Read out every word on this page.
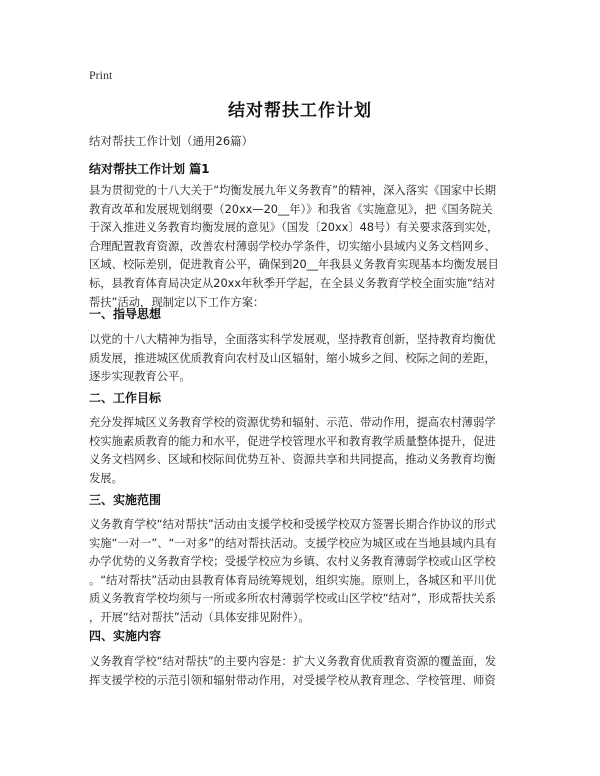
Print
结对帮扶工作计划
结对帮扶工作计划（通用26篇）
结对帮扶工作计划 篇1
县为贯彻党的十八大关于“均衡发展九年义务教育”的精神，深入落实《国家中长期
教育改革和发展规划纲要（20xx—20__年）》和我省《实施意见》，把《国务院关
于深入推进义务教育均衡发展的意见》（国发〔20xx〕48号）有关要求落到实处，
合理配置教育资源，改善农村薄弱学校办学条件，切实缩小县域内义务文档网乡、
区域、校际差别，促进教育公平，确保到20__年我县义务教育实现基本均衡发展目
标，县教育体育局决定从20xx年秋季开学起，在全县义务教育学校全面实施“结对
帮扶”活动，现制定以下工作方案：
一、指导思想
以党的十八大精神为指导，全面落实科学发展观，坚持教育创新，坚持教育均衡优
质发展，推进城区优质教育向农村及山区辐射，缩小城乡之间、校际之间的差距，
逐步实现教育公平。
二、工作目标
充分发挥城区义务教育学校的资源优势和辐射、示范、带动作用，提高农村薄弱学
校实施素质教育的能力和水平，促进学校管理水平和教育教学质量整体提升，促进
义务文档网乡、区域和校际间优势互补、资源共享和共同提高，推动义务教育均衡
发展。
三、实施范围
义务教育学校“结对帮扶”活动由支援学校和受援学校双方签署长期合作协议的形式
实施“一对一”、“一对多”的结对帮扶活动。支援学校应为城区或在当地县域内具有
办学优势的义务教育学校；受援学校应为乡镇、农村义务教育薄弱学校或山区学校
。“结对帮扶”活动由县教育体育局统筹规划，组织实施。原则上，各城区和平川优
质义务教育学校均须与一所或多所农村薄弱学校或山区学校“结对”，形成帮扶关系
，开展“结对帮扶”活动（具体安排见附件）。
四、实施内容
义务教育学校“结对帮扶”的主要内容是：扩大义务教育优质教育资源的覆盖面，发
挥支援学校的示范引领和辐射带动作用，对受援学校从教育理念、学校管理、师资
